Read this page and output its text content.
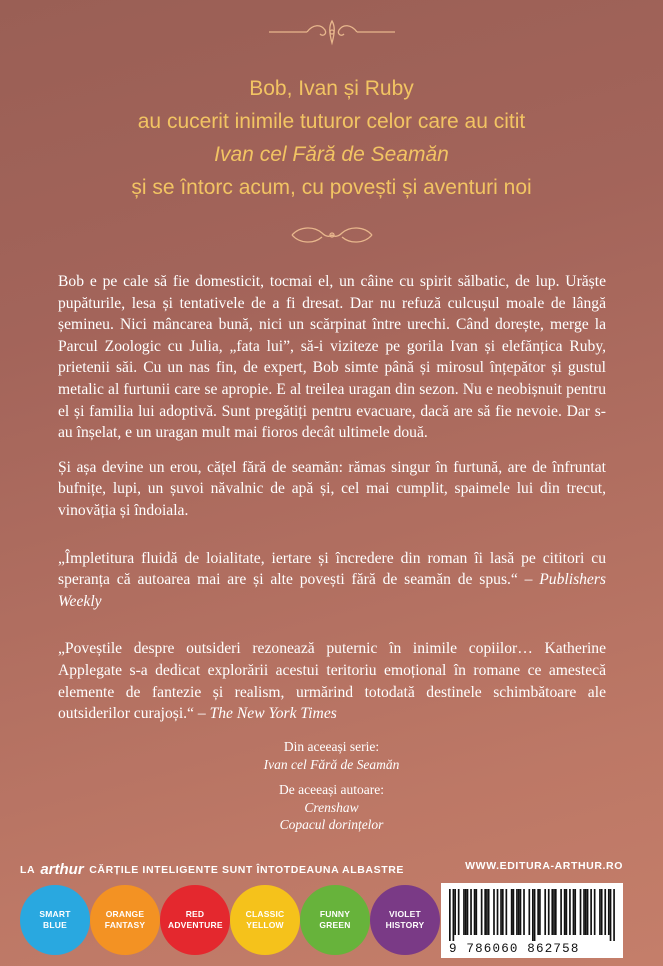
Bob, Ivan și Ruby
au cucerit inimile tuturor celor care au citit
Ivan cel Fără de Seamăn
și se întorc acum, cu povești și aventuri noi

Bob e pe cale să fie domesticit, tocmai el, un câine cu spirit sălbatic, de lup. Urăște pupăturile, lesa și tentativele de a fi dresat. Dar nu refuză culcușul moale de lângă șemineu. Nici mâncarea bună, nici un scărpinat între urechi. Când dorește, merge la Parcul Zoologic cu Julia, „fata lui”, să-i viziteze pe gorila Ivan și elefănțica Ruby, prietenii săi. Cu un nas fin, de expert, Bob simte până și mirosul înțepător și gustul metalic al furtunii care se apropie. E al treilea uragan din sezon. Nu e neobișnuit pentru el și familia lui adoptivă. Sunt pregătiți pentru evacuare, dacă are să fie nevoie. Dar s-au înșelat, e un uragan mult mai fioros decât ultimele două.

Și așa devine un erou, cățel fără de seamăn: rămas singur în furtună, are de înfruntat bufnițe, lupi, un șuvoi năvalnic de apă și, cel mai cumplit, spaimele lui din trecut, vinovăția și îndoiala.

„Împletitura fluidă de loialitate, iertare și încredere din roman îi lasă pe cititori cu speranța că autoarea mai are și alte povești fără de seamăn de spus.“ – Publishers Weekly

„Poveștile despre outsideri rezonează puternic în inimile copiilor… Katherine Applegate s-a dedicat explorării acestui teritoriu emoțional în romane ce amestecă elemente de fantezie și realism, urmărind totodată destinele schimbătoare ale outsiderilor curajoși.“ – The New York Times

Din aceeași serie:
Ivan cel Fără de Seamăn
De aceeași autoare:
Crenshaw
Copacul dorințelor
LA arthur CĂRȚILE INTELIGENTE SUNT ÎNTOTDEAUNA ALBASTRE	WWW.EDITURA-ARTHUR.RO
SMART
BLUE
ORANGE
FANTASY
RED
ADVENTURE
CLASSIC
YELLOW
FUNNY
GREEN
VIOLET
HISTORY
9 786060 862758
